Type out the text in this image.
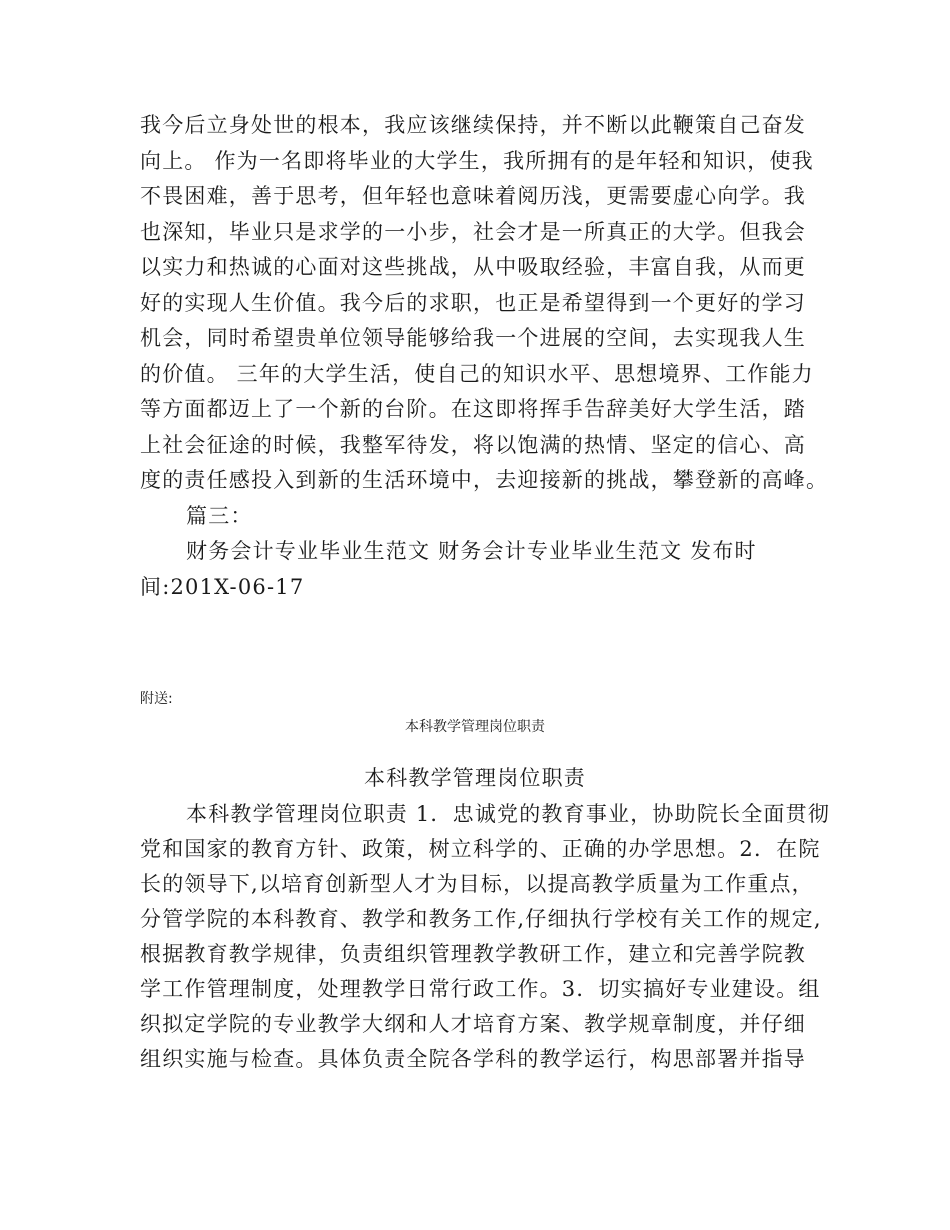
我今后立身处世的根本，我应该继续保持，并不断以此鞭策自己奋发
向上。 作为一名即将毕业的大学生，我所拥有的是年轻和知识，使我
不畏困难，善于思考，但年轻也意味着阅历浅，更需要虚心向学。我
也深知，毕业只是求学的一小步，社会才是一所真正的大学。但我会
以实力和热诚的心面对这些挑战，从中吸取经验，丰富自我，从而更
好的实现人生价值。我今后的求职，也正是希望得到一个更好的学习
机会，同时希望贵单位领导能够给我一个进展的空间，去实现我人生
的价值。 三年的大学生活，使自己的知识水平、思想境界、工作能力
等方面都迈上了一个新的台阶。在这即将挥手告辞美好大学生活，踏
上社会征途的时候，我整军待发，将以饱满的热情、坚定的信心、高
度的责任感投入到新的生活环境中，去迎接新的挑战，攀登新的高峰。
篇三：
财务会计专业毕业生范文 财务会计专业毕业生范文 发布时
间:201X-06-17
附送:
本科教学管理岗位职责
本科教学管理岗位职责
本科教学管理岗位职责 1．忠诚党的教育事业，协助院长全面贯彻
党和国家的教育方针、政策，树立科学的、正确的办学思想。2．在院
长的领导下,以培育创新型人才为目标，以提高教学质量为工作重点，
分管学院的本科教育、教学和教务工作,仔细执行学校有关工作的规定,
根据教育教学规律，负责组织管理教学教研工作，建立和完善学院教
学工作管理制度，处理教学日常行政工作。3．切实搞好专业建设。组
织拟定学院的专业教学大纲和人才培育方案、教学规章制度，并仔细
组织实施与检查。具体负责全院各学科的教学运行，构思部署并指导
